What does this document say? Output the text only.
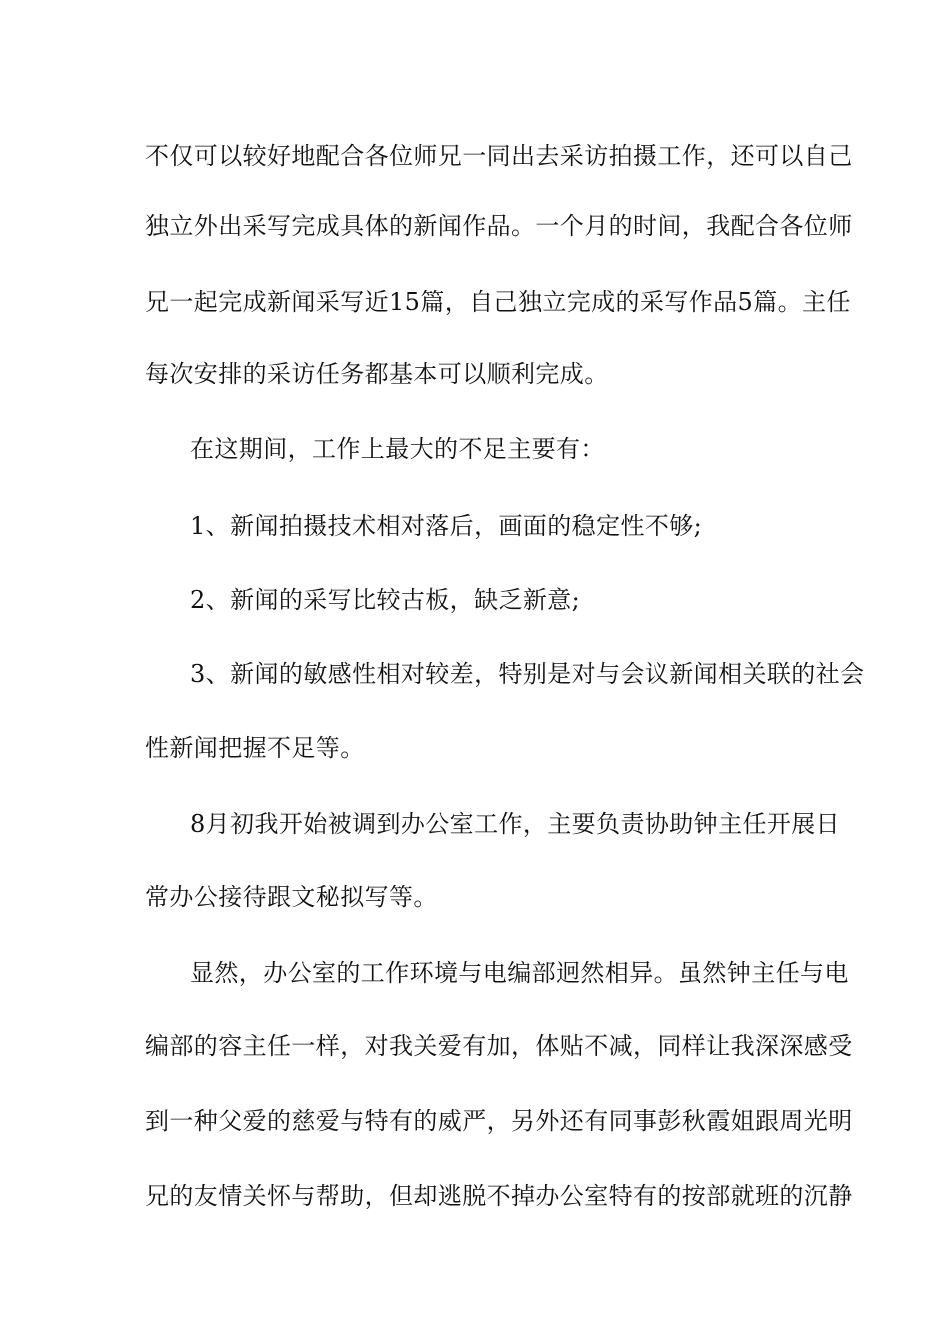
不仅可以较好地配合各位师兄一同出去采访拍摄工作，还可以自己
独立外出采写完成具体的新闻作品。一个月的时间，我配合各位师
兄一起完成新闻采写近15篇，自己独立完成的采写作品5篇。主任
每次安排的采访任务都基本可以顺利完成。
在这期间，工作上最大的不足主要有：
1、新闻拍摄技术相对落后，画面的稳定性不够;
2、新闻的采写比较古板，缺乏新意;
3、新闻的敏感性相对较差，特别是对与会议新闻相关联的社会
性新闻把握不足等。
8月初我开始被调到办公室工作，主要负责协助钟主任开展日
常办公接待跟文秘拟写等。
显然，办公室的工作环境与电编部迥然相异。虽然钟主任与电
编部的容主任一样，对我关爱有加，体贴不减，同样让我深深感受
到一种父爱的慈爱与特有的威严，另外还有同事彭秋霞姐跟周光明
兄的友情关怀与帮助，但却逃脱不掉办公室特有的按部就班的沉静
